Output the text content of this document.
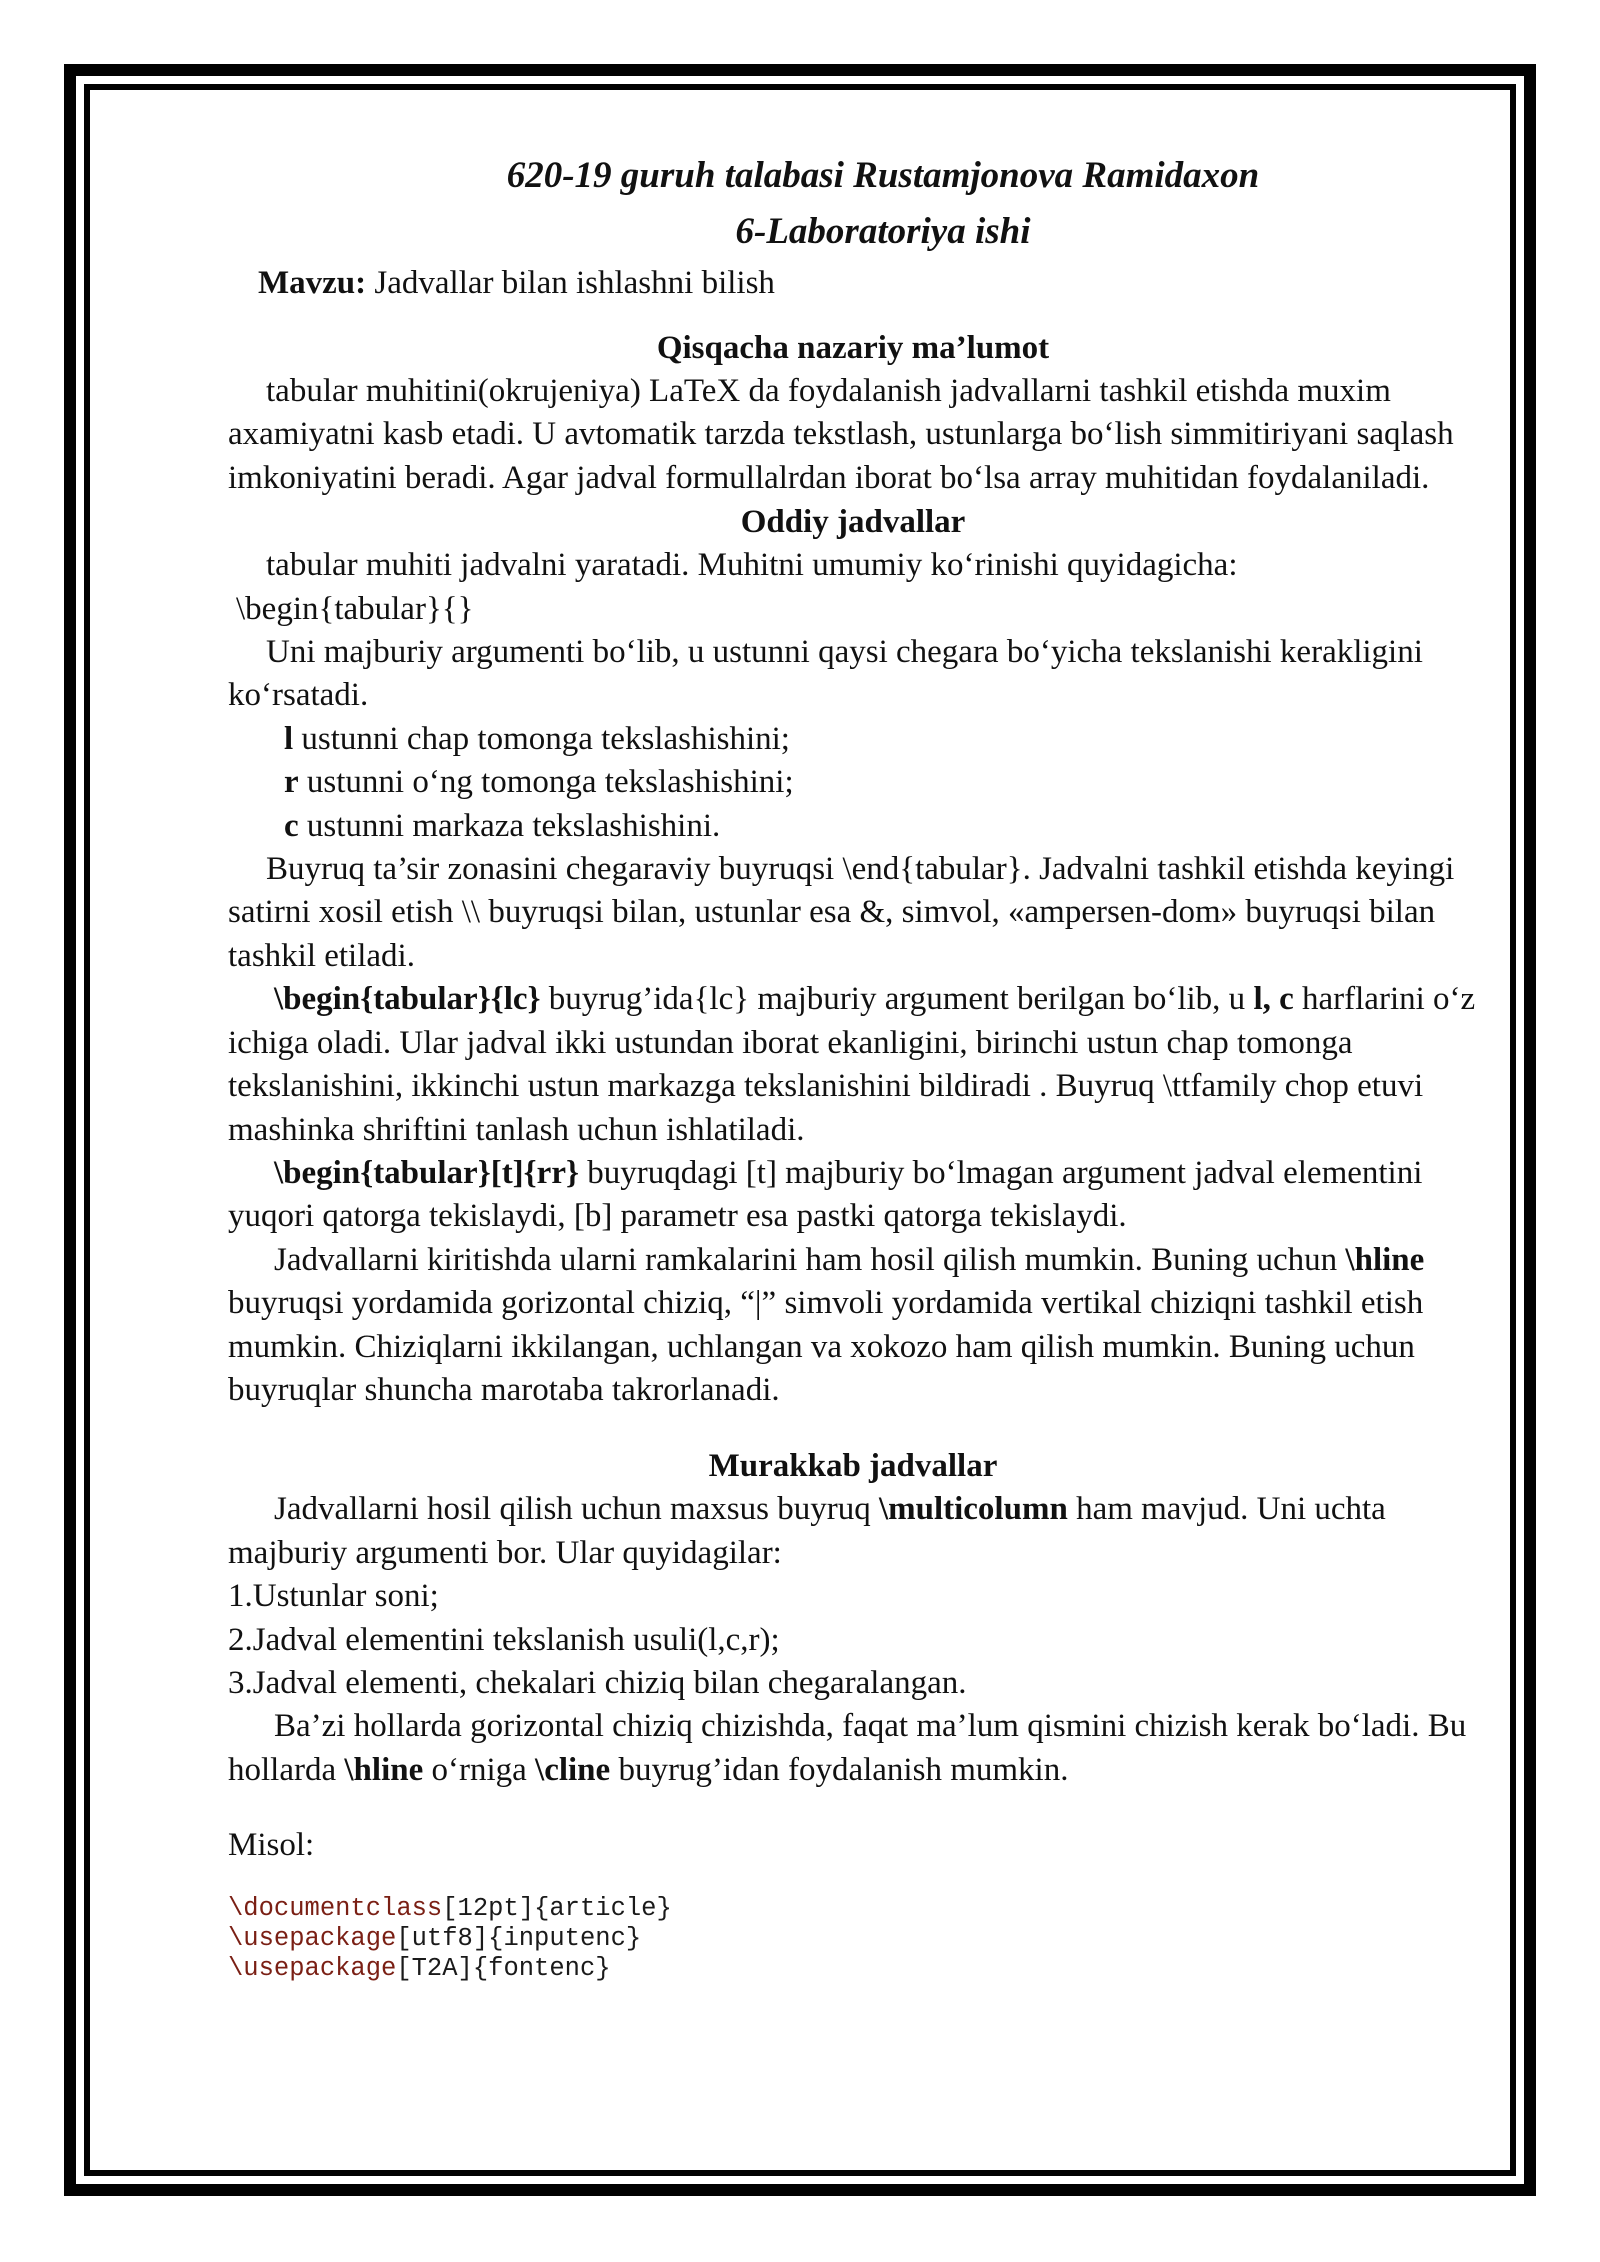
620-19 guruh talabasi Rustamjonova Ramidaxon
6-Laboratoriya ishi
Mavzu: Jadvallar bilan ishlashni bilish
Qisqacha nazariy ma’lumot

tabular muhitini(okrujeniya) LaTeX da foydalanish jadvallarni tashkil etishda muxim axamiyatni kasb etadi. U avtomatik tarzda tekstlash, ustunlarga bo‘lish simmitiriyani saqlash imkoniyatini beradi. Agar jadval formullalrdan iborat bo‘lsa array muhitidan foydalaniladi.

Oddiy jadvallar

tabular muhiti jadvalni yaratadi. Muhitni umumiy ko‘rinishi quyidagicha:

\begin{tabular}{}

Uni majburiy argumenti bo‘lib, u ustunni qaysi chegara bo‘yicha tekslanishi kerakligini ko‘rsatadi.

l ustunni chap tomonga tekslashishini;

r ustunni o‘ng tomonga tekslashishini;

c ustunni markaza tekslashishini.

Buyruq ta’sir zonasini chegaraviy buyruqsi \end{tabular}. Jadvalni tashkil etishda keyingi satirni xosil etish \\ buyruqsi bilan, ustunlar esa &, simvol, «ampersen-dom» buyruqsi bilan tashkil etiladi.

\begin{tabular}{lc} buyrug’ida{lc} majburiy argument berilgan bo‘lib, u l, c harflarini o‘z ichiga oladi. Ular jadval ikki ustundan iborat ekanligini, birinchi ustun chap tomonga tekslanishini, ikkinchi ustun markazga tekslanishini bildiradi . Buyruq \ttfamily chop etuvi mashinka shriftini tanlash uchun ishlatiladi.

\begin{tabular}[t]{rr} buyruqdagi [t] majburiy bo‘lmagan argument jadval elementini yuqori qatorga tekislaydi, [b] parametr esa pastki qatorga tekislaydi.

Jadvallarni kiritishda ularni ramkalarini ham hosil qilish mumkin. Buning uchun \hline buyruqsi yordamida gorizontal chiziq, “|” simvoli yordamida vertikal chiziqni tashkil etish mumkin. Chiziqlarni ikkilangan, uchlangan va xokozo ham qilish mumkin. Buning uchun buyruqlar shuncha marotaba takrorlanadi.

Murakkab jadvallar

Jadvallarni hosil qilish uchun maxsus buyruq \multicolumn ham mavjud. Uni uchta majburiy argumenti bor. Ular quyidagilar:

1.Ustunlar soni;

2.Jadval elementini tekslanish usuli(l,c,r);

3.Jadval elementi, chekalari chiziq bilan chegaralangan.

Ba’zi hollarda gorizontal chiziq chizishda, faqat ma’lum qismini chizish kerak bo‘ladi. Bu hollarda \hline o‘rniga \cline buyrug’idan foydalanish mumkin.

Misol:

\documentclass[12pt]{article}
\usepackage[utf8]{inputenc}
\usepackage[T2A]{fontenc}
